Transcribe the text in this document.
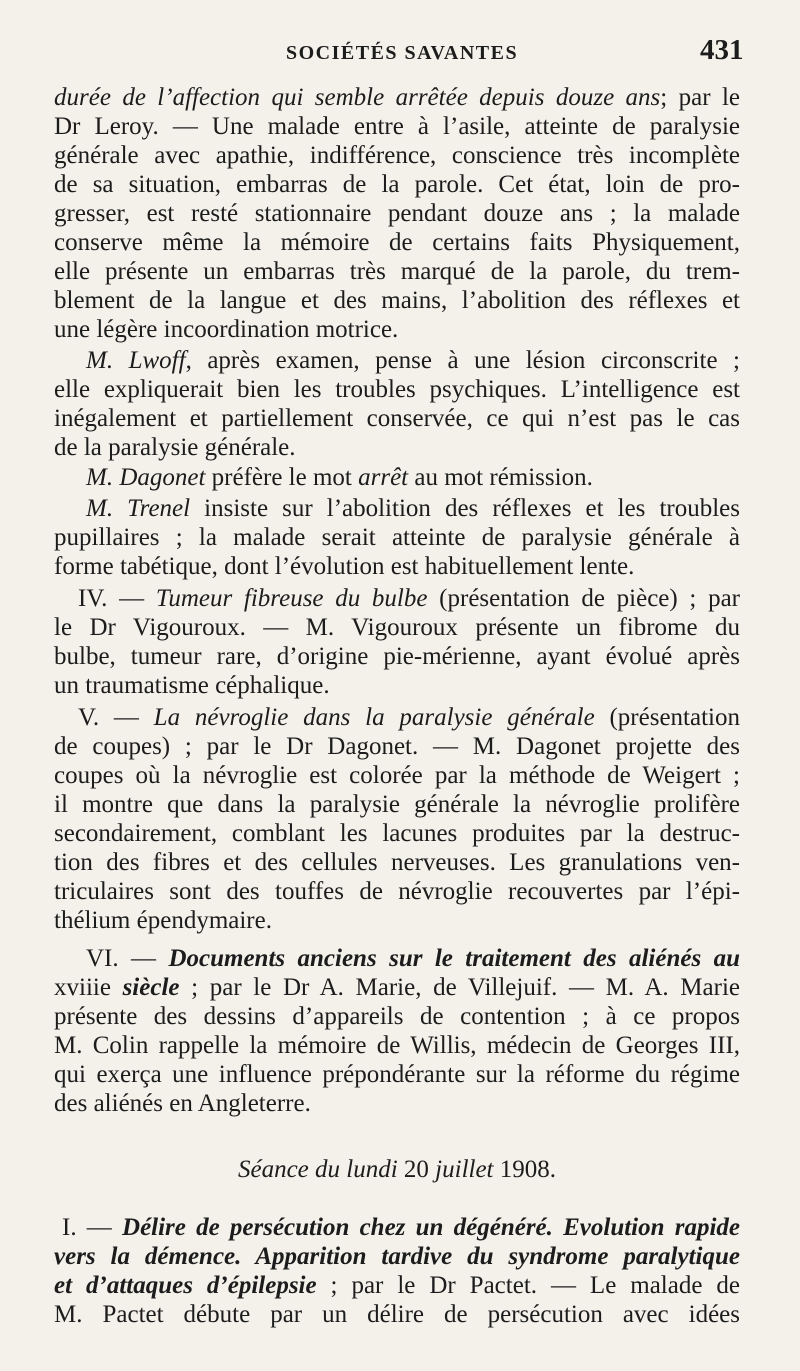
SOCIÉTÉS SAVANTES	431
durée de l’affection qui semble arrêtée depuis douze ans; par le
Dr Leroy. — Une malade entre à l’asile, atteinte de paralysie
générale avec apathie, indifférence, conscience très incomplète
de sa situation, embarras de la parole. Cet état, loin de pro-
gresser, est resté stationnaire pendant douze ans ; la malade
conserve même la mémoire de certains faits Physiquement,
elle présente un embarras très marqué de la parole, du trem-
blement de la langue et des mains, l’abolition des réflexes et
une légère incoordination motrice.
M. Lwoff, après examen, pense à une lésion circonscrite ;
elle expliquerait bien les troubles psychiques. L’intelligence est
inégalement et partiellement conservée, ce qui n’est pas le cas
de la paralysie générale.
M. Dagonet préfère le mot arrêt au mot rémission.
M. Trenel insiste sur l’abolition des réflexes et les troubles
pupillaires ; la malade serait atteinte de paralysie générale à
forme tabétique, dont l’évolution est habituellement lente.
IV. — Tumeur fibreuse du bulbe (présentation de pièce) ; par
le Dr Vigouroux. — M. Vigouroux présente un fibrome du
bulbe, tumeur rare, d’origine pie-mérienne, ayant évolué après
un traumatisme céphalique.
V. — La névroglie dans la paralysie générale (présentation
de coupes) ; par le Dr Dagonet. — M. Dagonet projette des
coupes où la névroglie est colorée par la méthode de Weigert ;
il montre que dans la paralysie générale la névroglie prolifère
secondairement, comblant les lacunes produites par la destruc-
tion des fibres et des cellules nerveuses. Les granulations ven-
triculaires sont des touffes de névroglie recouvertes par l’épi-
thélium épendymaire.
VI. — Documents anciens sur le traitement des aliénés au
xviiie siècle ; par le Dr A. Marie, de Villejuif. — M. A. Marie
présente des dessins d’appareils de contention ; à ce propos
M. Colin rappelle la mémoire de Willis, médecin de Georges III,
qui exerça une influence prépondérante sur la réforme du régime
des aliénés en Angleterre.
Séance du lundi 20 juillet 1908.
I. — Délire de persécution chez un dégénéré. Evolution rapide
vers la démence. Apparition tardive du syndrome paralytique
et d’attaques d’épilepsie ; par le Dr Pactet. — Le malade de
M. Pactet débute par un délire de persécution avec idées
